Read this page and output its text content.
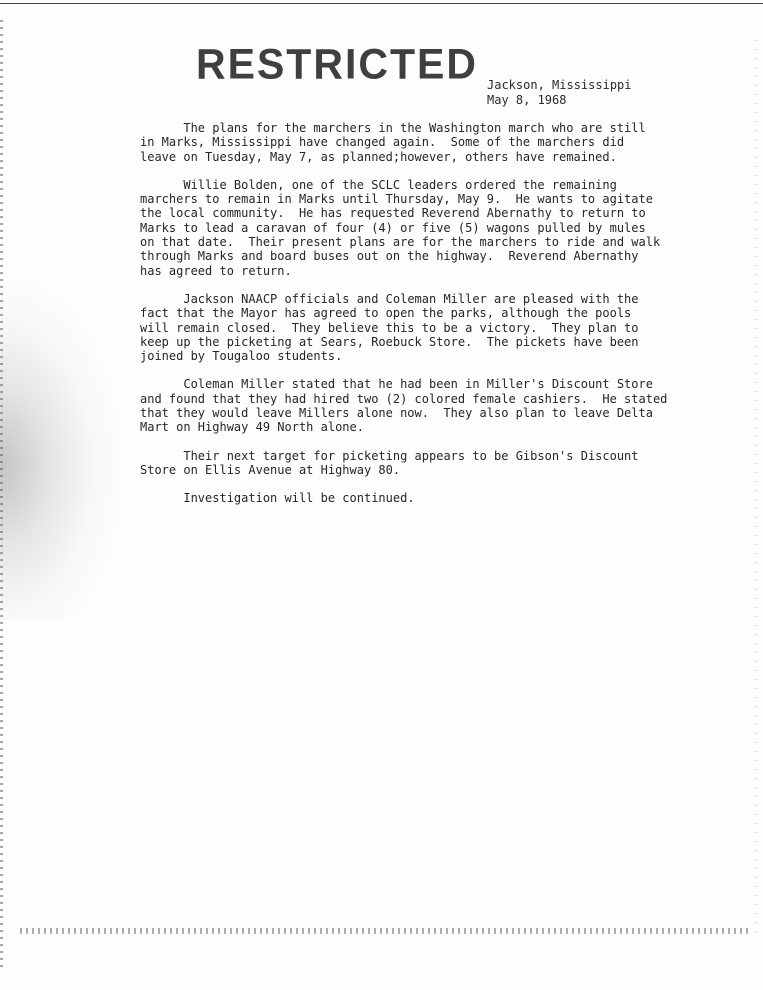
RESTRICTED Jackson, Mississippi
May 8, 1968

The plans for the marchers in the Washington march who are still
in Marks, Mississippi have changed again.  Some of the marchers did
leave on Tuesday, May 7, as planned;however, others have remained.

Willie Bolden, one of the SCLC leaders ordered the remaining
marchers to remain in Marks until Thursday, May 9.  He wants to agitate
the local community.  He has requested Reverend Abernathy to return to
Marks to lead a caravan of four (4) or five (5) wagons pulled by mules
on that date.  Their present plans are for the marchers to ride and walk
through Marks and board buses out on the highway.  Reverend Abernathy
has agreed to return.

Jackson NAACP officials and Coleman Miller are pleased with the
fact that the Mayor has agreed to open the parks, although the pools
will remain closed.  They believe this to be a victory.  They plan to
keep up the picketing at Sears, Roebuck Store.  The pickets have been
joined by Tougaloo students.

Coleman Miller stated that he had been in Miller's Discount Store
and found that they had hired two (2) colored female cashiers.  He stated
that they would leave Millers alone now.  They also plan to leave Delta
Mart on Highway 49 North alone.

Their next target for picketing appears to be Gibson's Discount
Store on Ellis Avenue at Highway 80.

Investigation will be continued.
